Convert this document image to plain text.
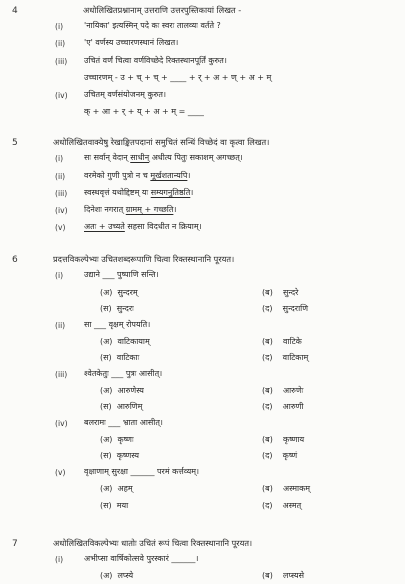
4	अधोलिखितप्रश्नानाम् उत्तराणि उत्तरपुस्तिकायां लिखत -
(i)	'नायिका' इत्यस्मिन् पदे कः स्वरः तालव्यः वर्तते ?
(ii) 'ए' वर्णस्य उच्चारणस्थानं लिखत।
(iii) उचितं वर्णं चित्वा वर्णविच्छेदे रिक्तस्थानपूर्तिं कुरुत।
उच्चारणम् - उ + च् + च् + ____ + र् + अ + ण् + अ + म्
(iv) उचितम् वर्णसंयोजनम् कुरुत।
क् + आ + र् + य् + अ + म् = ____
5	अधोलिखितवाक्येषु रेखाङ्कितपदानां समुचितं सन्धिं विच्छेदं वा कृत्वा लिखत।
(i)	सः सर्वान् वेदान् साधीन् अधीत्य पितुः सकाशम् अगच्छत्।
(ii) वरमेको गुणी पुत्रो न च मूर्खशतान्यपि।
(iii) स्वस्थवृत्तं यथोद्दिष्टम् यः सम्यगनुतिष्ठति।
(iv) दिनेशः नगरात् ग्रामम् + गच्छति।
(v) अतः + उच्यते सहसा विदधीत न क्रियाम्।
6	प्रदत्तविकल्पेभ्यः उचितशब्दरूपाणि चित्वा रिक्तस्थानानि पूरयत।
(i)	उद्याने ___ पुष्पाणि सन्ति।
(अ) सुन्दरम्	(ब) सुन्दरे
(स) सुन्दरः	(द) सुन्दराणि
(ii) सा ___ वृक्षम् रोपयति।
(अ) वाटिकायाम्	(ब) वाटिके
(स) वाटिकाः	(द) वाटिकाम्
(iii) श्वेतकेतुः ___ पुत्रः आसीत्।
(अ) आरुणेस्य	(ब) आरुणेः
(स) आरुणिम्	(द) आरुणी
(iv) बलरामः ___ भ्राता आसीत्।
(अ) कृष्णः	(ब) कृष्णाय
(स) कृष्णस्य	(द) कृष्णं
(v) वृक्षाणाम् सुरक्षा ______ परमं कर्त्तव्यम्।
(अ) अहम्	(ब) अस्माकम्
(स) मया	(द) अस्मत्
7	अधोलिखितविकल्पेभ्यः धातोः उचितं रूपं चित्वा रिक्तस्थानानि पूरयत।
(i)	अभीप्सा वार्षिकोत्सवे पुरस्कारं ______।
(अ) लप्स्ये	(ब) लप्स्यसे
